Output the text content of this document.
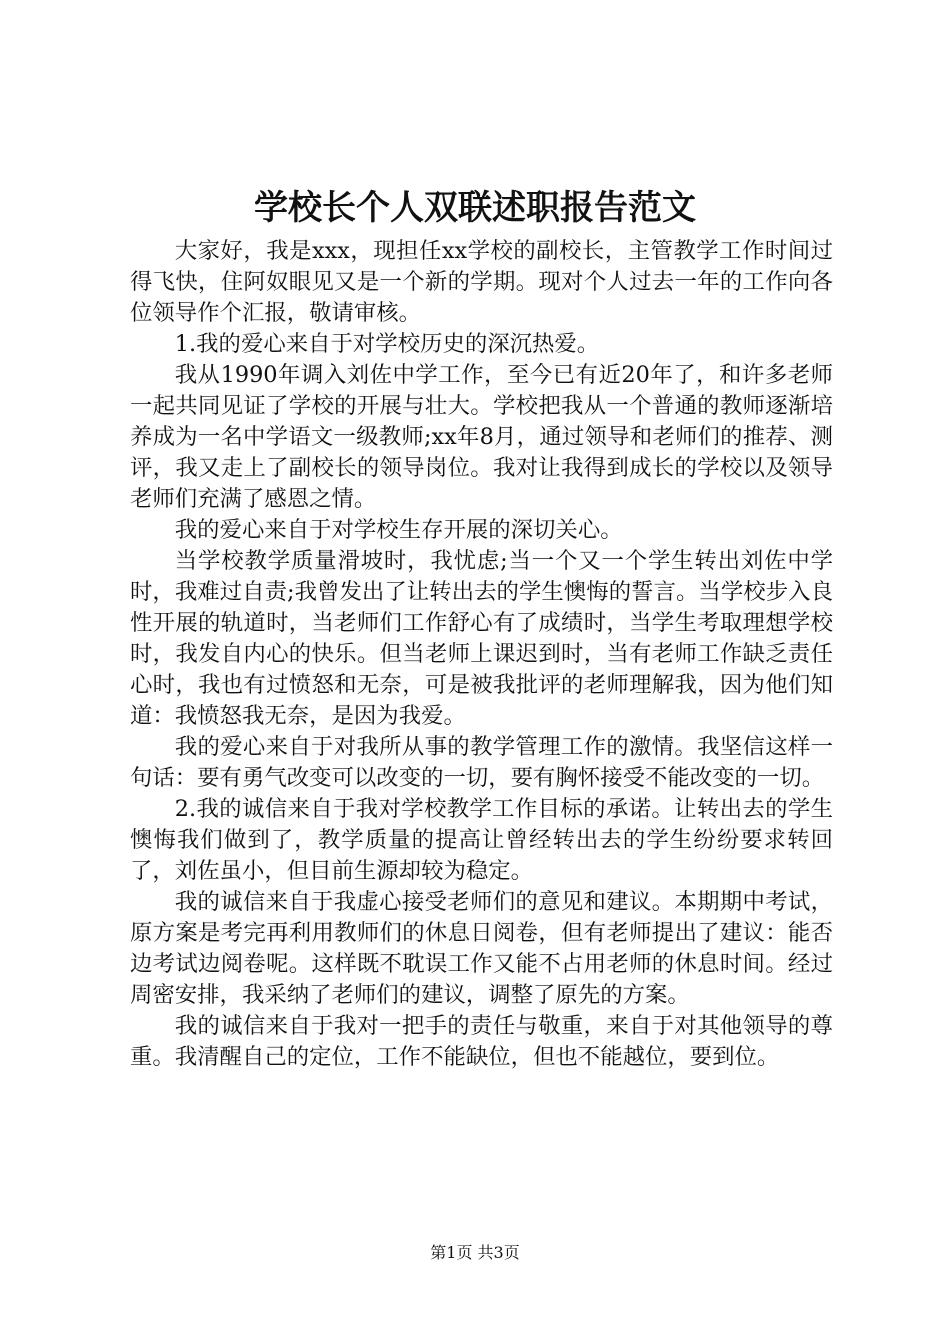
学校长个人双联述职报告范文

大家好，我是xxx，现担任xx学校的副校长，主管教学工作时间过得飞快，住阿奴眼见又是一个新的学期。现对个人过去一年的工作向各位领导作个汇报，敬请审核。

1.我的爱心来自于对学校历史的深沉热爱。

我从1990年调入刘佐中学工作，至今已有近20年了，和许多老师一起共同见证了学校的开展与壮大。学校把我从一个普通的教师逐渐培养成为一名中学语文一级教师;xx年8月，通过领导和老师们的推荐、测评，我又走上了副校长的领导岗位。我对让我得到成长的学校以及领导老师们充满了感恩之情。

我的爱心来自于对学校生存开展的深切关心。

当学校教学质量滑坡时，我忧虑;当一个又一个学生转出刘佐中学时，我难过自责;我曾发出了让转出去的学生懊悔的誓言。当学校步入良性开展的轨道时，当老师们工作舒心有了成绩时，当学生考取理想学校时，我发自内心的快乐。但当老师上课迟到时，当有老师工作缺乏责任心时，我也有过愤怒和无奈，可是被我批评的老师理解我，因为他们知道：我愤怒我无奈，是因为我爱。

我的爱心来自于对我所从事的教学管理工作的激情。我坚信这样一句话：要有勇气改变可以改变的一切，要有胸怀接受不能改变的一切。

2.我的诚信来自于我对学校教学工作目标的承诺。让转出去的学生懊悔我们做到了，教学质量的提高让曾经转出去的学生纷纷要求转回了，刘佐虽小，但目前生源却较为稳定。

我的诚信来自于我虚心接受老师们的意见和建议。本期期中考试，原方案是考完再利用教师们的休息日阅卷，但有老师提出了建议：能否边考试边阅卷呢。这样既不耽误工作又能不占用老师的休息时间。经过周密安排，我采纳了老师们的建议，调整了原先的方案。

我的诚信来自于我对一把手的责任与敬重，来自于对其他领导的尊重。我清醒自己的定位，工作不能缺位，但也不能越位，要到位。

第1页 共3页
